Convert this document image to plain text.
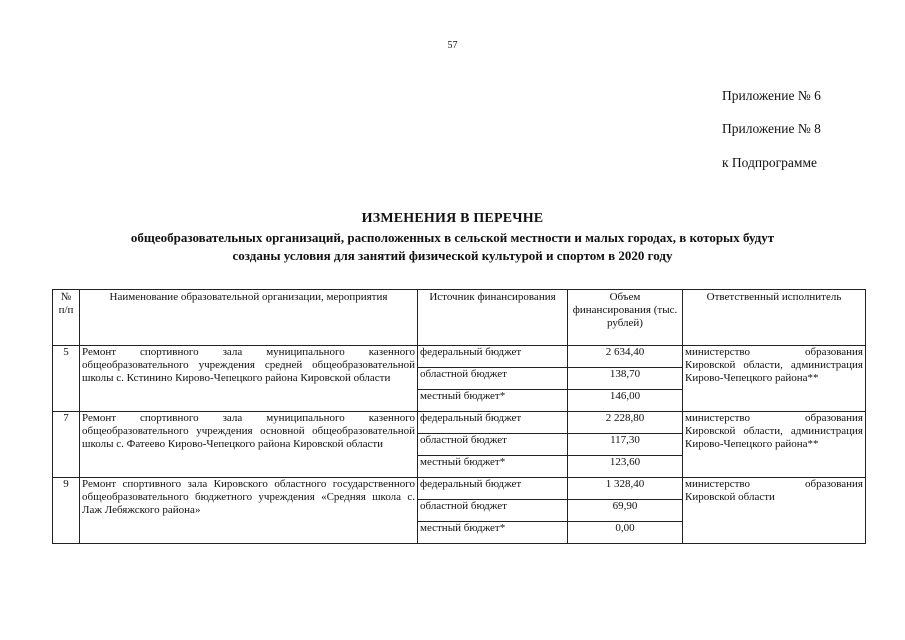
57
Приложение № 6
Приложение № 8
к Подпрограмме
ИЗМЕНЕНИЯ В ПЕРЕЧНЕ
общеобразовательных организаций, расположенных в сельской местности и малых городах, в которых будут
созданы условия для занятий физической культурой и спортом в 2020 году
№ п/п	Наименование образовательной организации, мероприятия	Источник финансирования	Объем финансирования (тыс. рублей)	Ответственный исполнитель
5	Ремонт спортивного зала муниципального казенного общеобразовательного учреждения средней общеобразовательной школы с. Кстинино Кирово-Чепецкого района Кировской области	федеральный бюджет	2 634,40	министерство образования Кировской области, администрация Кирово-Чепецкого района**
		областной бюджет	138,70	
		местный бюджет*	146,00	
7	Ремонт спортивного зала муниципального казенного общеобразовательного учреждения основной общеобразовательной школы с. Фатеево Кирово-Чепецкого района Кировской области	федеральный бюджет	2 228,80	министерство образования Кировской области, администрация Кирово-Чепецкого района**
		областной бюджет	117,30	
		местный бюджет*	123,60	
9	Ремонт спортивного зала Кировского областного государственного общеобразовательного бюджетного учреждения «Средняя школа с. Лаж Лебяжского района»	федеральный бюджет	1 328,40	министерство образования Кировской области
		областной бюджет	69,90	
		местный бюджет*	0,00	
